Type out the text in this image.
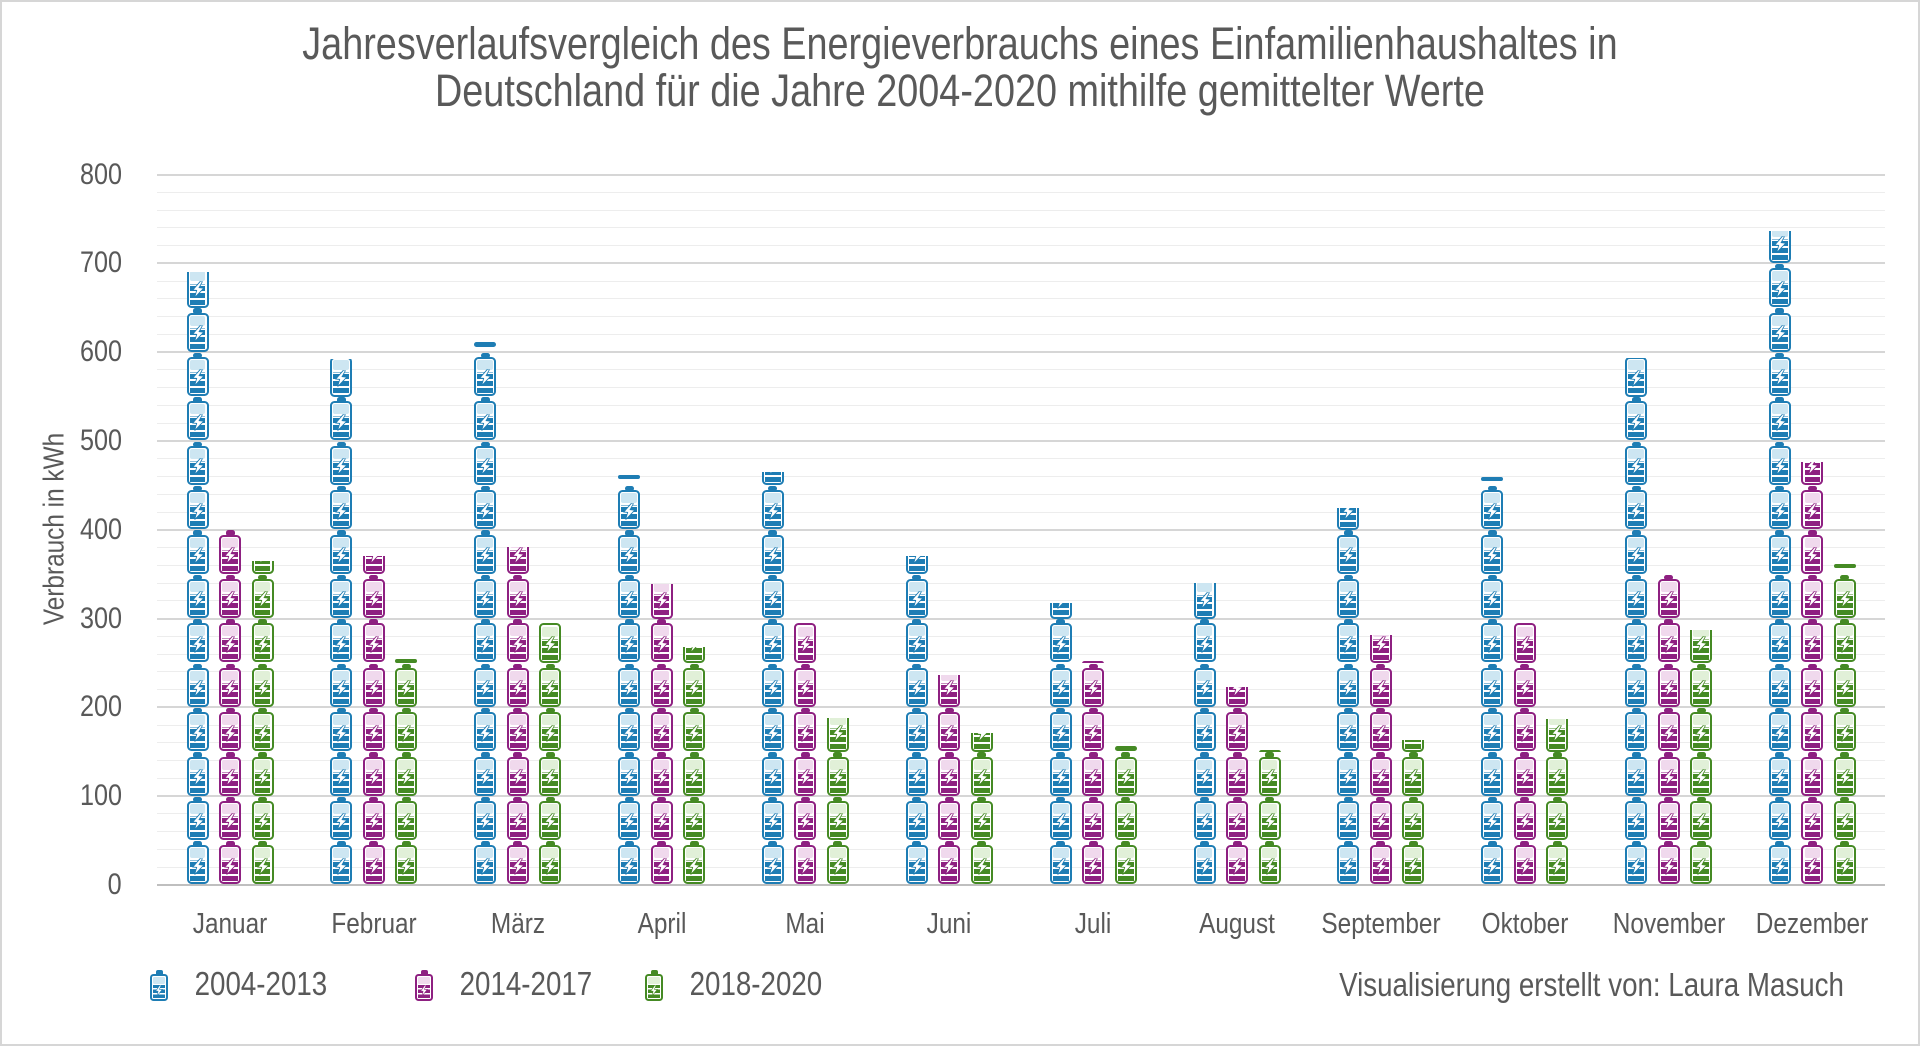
Jahresverlaufsvergleich des Energieverbrauchs eines Einfamilienhaushaltes in
Deutschland für die Jahre 2004-2020 mithilfe gemittelter Werte
Verbrauch in kWh
0
100
200
300
400
500
600
700
800
Januar Februar	März	April	Mai	Juni	Juli	August	September	Oktober	November	Dezember
2004-2013	2014-2017	2018-2020	Visualisierung erstellt von: Laura Masuch
